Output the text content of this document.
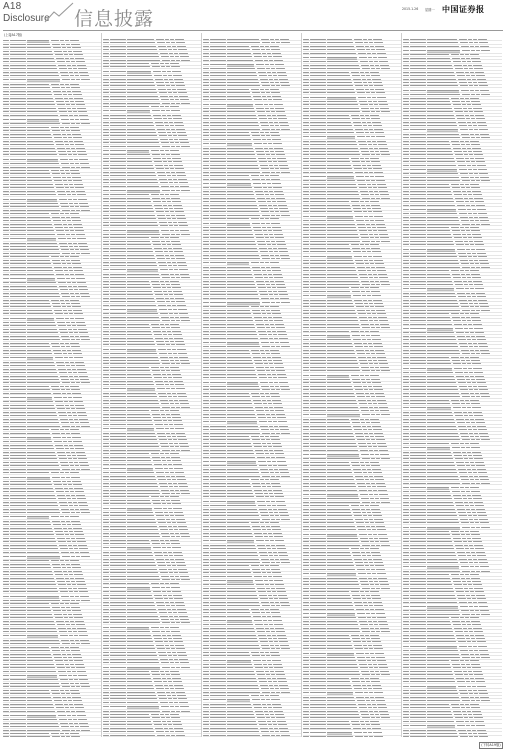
A18
Disclosure 信息披露	2015.1.26 星期一 中国证券报
(上接A17版)
(下转A19版)
